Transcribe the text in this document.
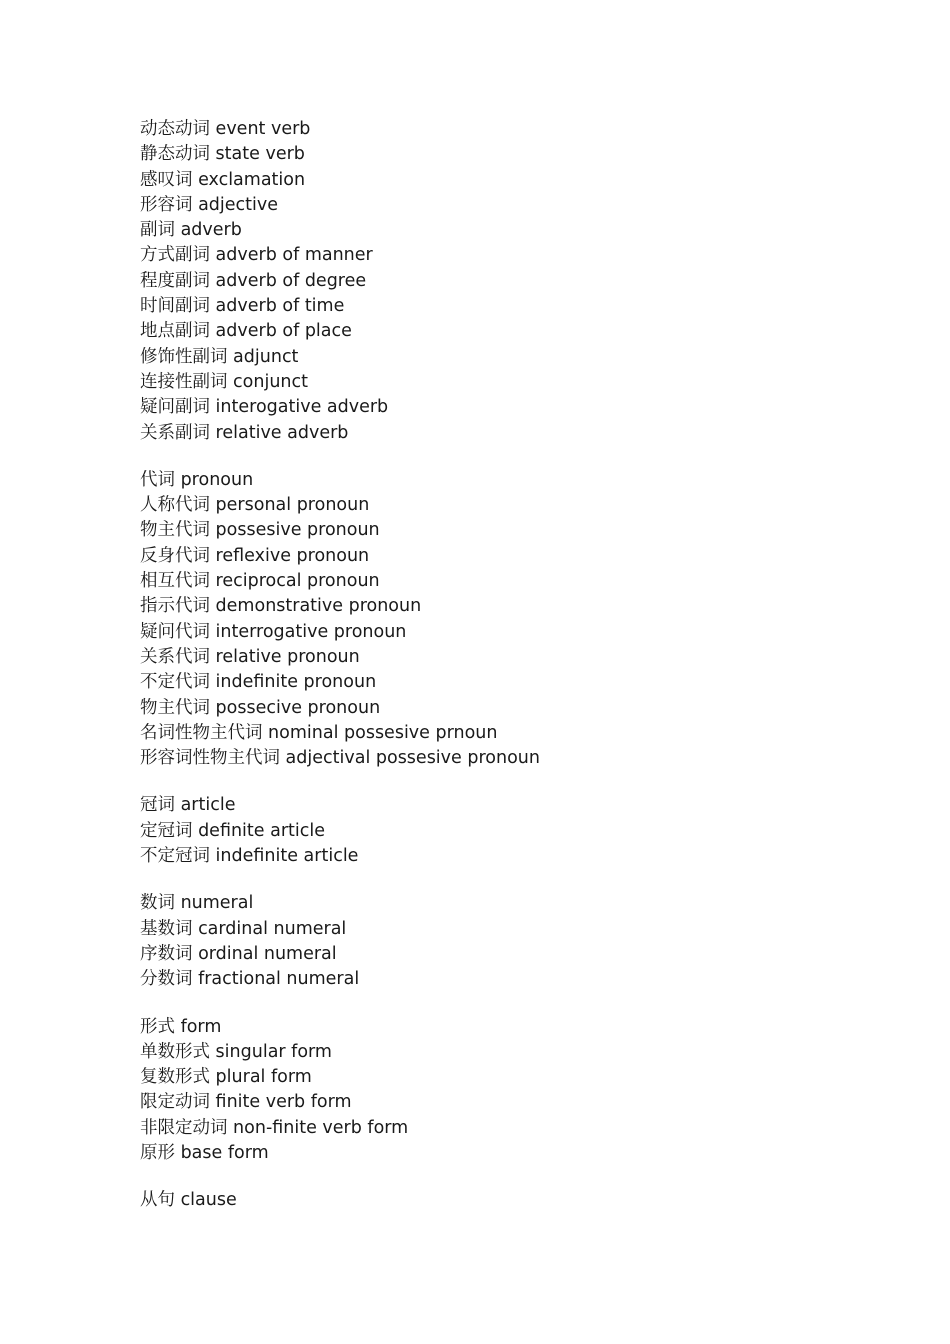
动态动词 event verb
静态动词 state verb
感叹词 exclamation
形容词 adjective
副词 adverb
方式副词 adverb of manner
程度副词 adverb of degree
时间副词 adverb of time
地点副词 adverb of place
修饰性副词 adjunct
连接性副词 conjunct
疑问副词 interogative adverb
关系副词 relative adverb
代词 pronoun
人称代词 personal pronoun
物主代词 possesive pronoun
反身代词 reflexive pronoun
相互代词 reciprocal pronoun
指示代词 demonstrative pronoun
疑问代词 interrogative pronoun
关系代词 relative pronoun
不定代词 indefinite pronoun
物主代词 possecive pronoun
名词性物主代词 nominal possesive prnoun
形容词性物主代词 adjectival possesive pronoun
冠词 article
定冠词 definite article
不定冠词 indefinite article
数词 numeral
基数词 cardinal numeral
序数词 ordinal numeral
分数词 fractional numeral
形式 form
单数形式 singular form
复数形式 plural form
限定动词 finite verb form
非限定动词 non-finite verb form
原形 base form
从句 clause
